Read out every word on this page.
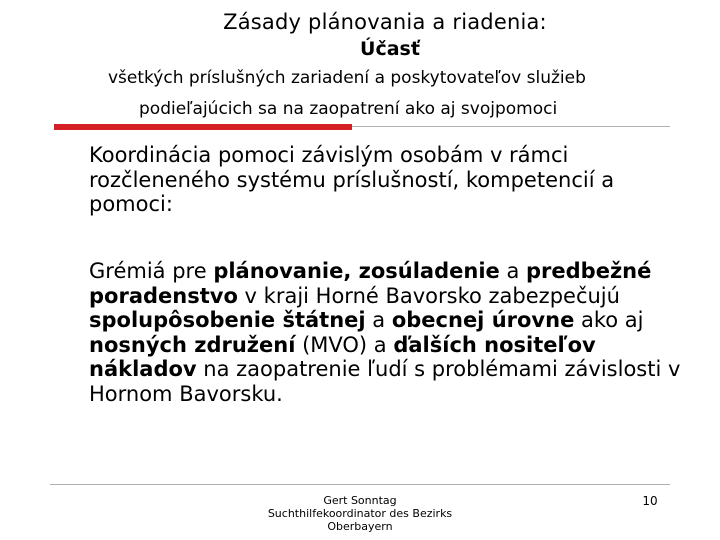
Zásady plánovania a riadenia:
Účasť
všetkých príslušných zariadení a poskytovateľov služieb
podieľajúcich sa na zaopatrení ako aj svojpomoci
Koordinácia pomoci závislým osobám v rámci rozčleneného systému príslušností, kompetencií a pomoci:
Grémiá pre plánovanie, zosúladenie a predbežné poradenstvo v kraji Horné Bavorsko zabezpečujú spolupôsobenie štátnej a obecnej úrovne ako aj nosných združení (MVO) a ďalších nositeľov nákladov na zaopatrenie ľudí s problémami závislosti v Hornom Bavorsku.
Gert Sonntag
Suchthilfekoordinator des Bezirks
Oberbayern
10
